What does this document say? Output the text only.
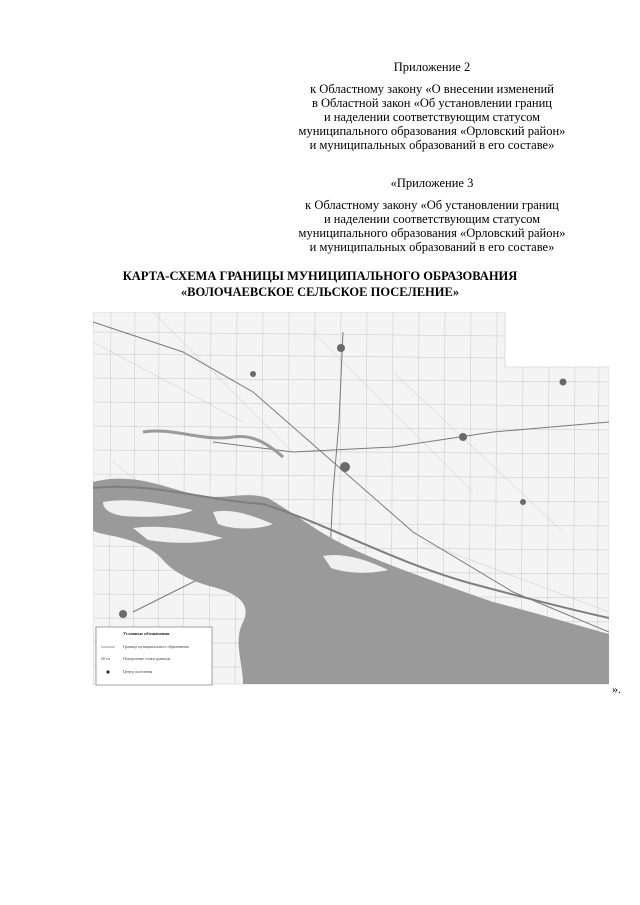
Приложение 2
к Областному закону «О внесении изменений
в Областной закон «Об установлении границ
и наделении соответствующим статусом
муниципального образования «Орловский район»
и муниципальных образований в его составе»
«Приложение 3
к Областному закону «Об установлении границ
и наделении соответствующим статусом
муниципального образования «Орловский район»
и муниципальных образований в его составе»
КАРТА-СХЕМА ГРАНИЦЫ МУНИЦИПАЛЬНОГО ОБРАЗОВАНИЯ
«ВОЛОЧАЕВСКОЕ СЕЛЬСКОЕ ПОСЕЛЕНИЕ»
Условные обозначения
Граница муниципального образования
20 тп	Поворотные точки границы
Центр поселения
».
